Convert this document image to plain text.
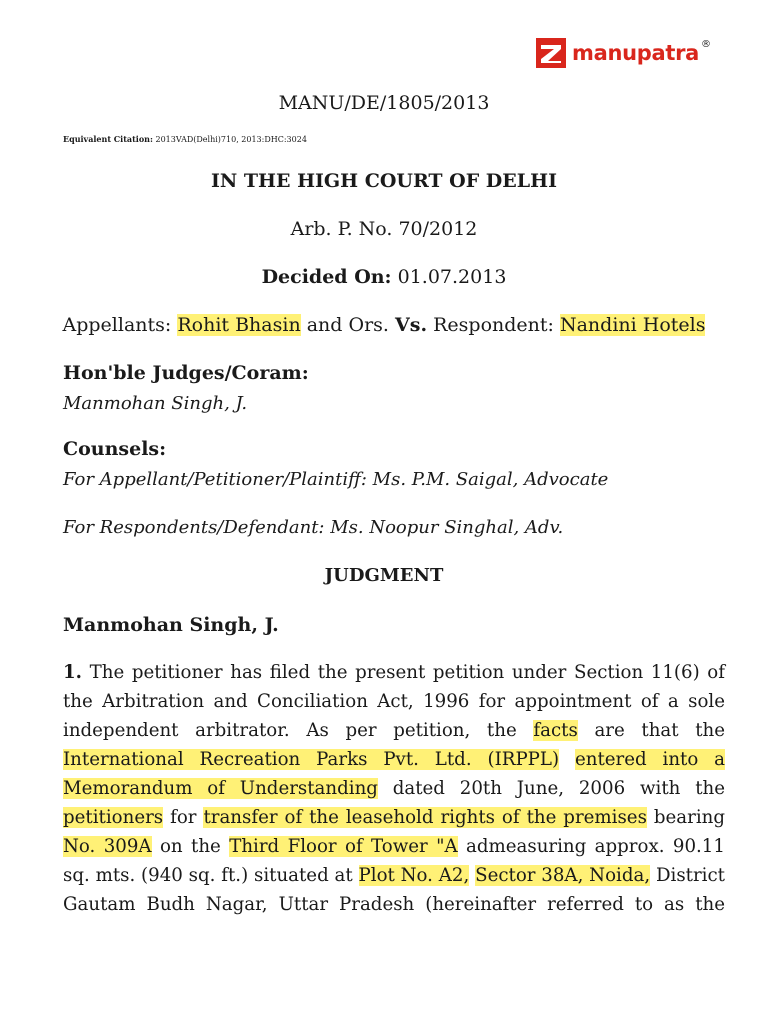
manupatra ®
MANU/DE/1805/2013
Equivalent Citation: 2013VAD(Delhi)710, 2013:DHC:3024
IN THE HIGH COURT OF DELHI
Arb. P. No. 70/2012
Decided On: 01.07.2013
Appellants: Rohit Bhasin and Ors. Vs. Respondent: Nandini Hotels
Hon'ble Judges/Coram:
Manmohan Singh, J.
Counsels:
For Appellant/Petitioner/Plaintiff: Ms. P.M. Saigal, Advocate
For Respondents/Defendant: Ms. Noopur Singhal, Adv.
JUDGMENT
Manmohan Singh, J.
1. The petitioner has filed the present petition under Section 11(6) of
the Arbitration and Conciliation Act, 1996 for appointment of a sole
independent arbitrator. As per petition, the facts are that the
International Recreation Parks Pvt. Ltd. (IRPPL) entered into a
Memorandum of Understanding dated 20th June, 2006 with the
petitioners for transfer of the leasehold rights of the premises bearing
No. 309A on the Third Floor of Tower "A admeasuring approx. 90.11
sq. mts. (940 sq. ft.) situated at Plot No. A2, Sector 38A, Noida, District
Gautam Budh Nagar, Uttar Pradesh (hereinafter referred to as the
